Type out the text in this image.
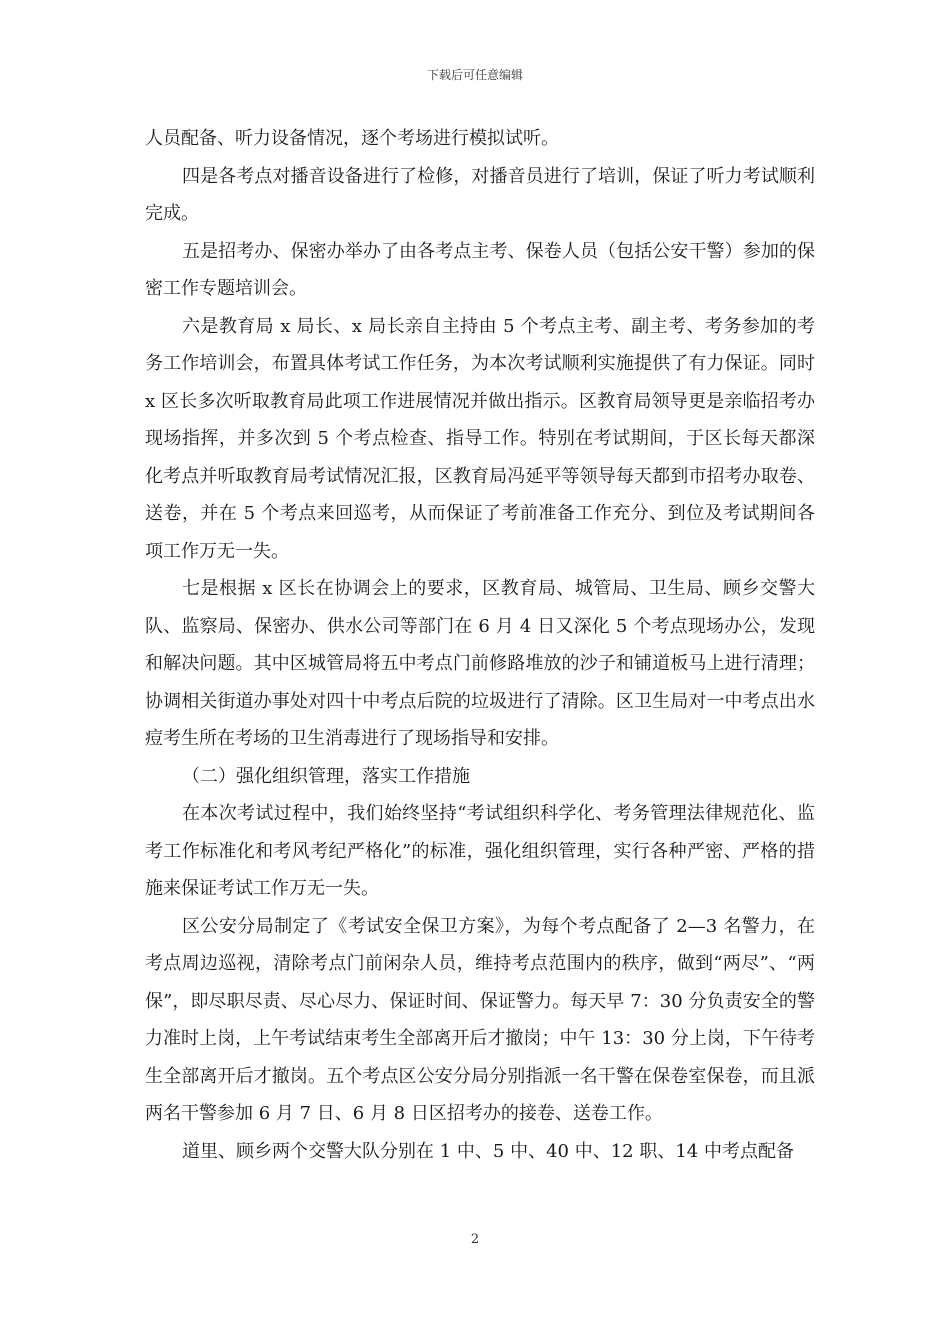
下载后可任意编辑

人员配备、听力设备情况，逐个考场进行模拟试听。

四是各考点对播音设备进行了检修，对播音员进行了培训，保证了听力考试顺利完成。

五是招考办、保密办举办了由各考点主考、保卷人员（包括公安干警）参加的保密工作专题培训会。

六是教育局 x 局长、x 局长亲自主持由 5 个考点主考、副主考、考务参加的考务工作培训会，布置具体考试工作任务，为本次考试顺利实施提供了有力保证。同时 x 区长多次听取教育局此项工作进展情况并做出指示。区教育局领导更是亲临招考办现场指挥，并多次到 5 个考点检查、指导工作。特别在考试期间，于区长每天都深化考点并听取教育局考试情况汇报，区教育局冯延平等领导每天都到市招考办取卷、送卷，并在 5 个考点来回巡考，从而保证了考前准备工作充分、到位及考试期间各项工作万无一失。

七是根据 x 区长在协调会上的要求，区教育局、城管局、卫生局、顾乡交警大队、监察局、保密办、供水公司等部门在 6 月 4 日又深化 5 个考点现场办公，发现和解决问题。其中区城管局将五中考点门前修路堆放的沙子和铺道板马上进行清理；协调相关街道办事处对四十中考点后院的垃圾进行了清除。区卫生局对一中考点出水痘考生所在考场的卫生消毒进行了现场指导和安排。

（二）强化组织管理，落实工作措施

在本次考试过程中，我们始终坚持“考试组织科学化、考务管理法律规范化、监考工作标准化和考风考纪严格化”的标准，强化组织管理，实行各种严密、严格的措施来保证考试工作万无一失。

区公安分局制定了《考试安全保卫方案》，为每个考点配备了 2—3 名警力，在考点周边巡视，清除考点门前闲杂人员，维持考点范围内的秩序，做到“两尽”、“两保”，即尽职尽责、尽心尽力、保证时间、保证警力。每天早 7：30 分负责安全的警力准时上岗，上午考试结束考生全部离开后才撤岗；中午 13：30 分上岗，下午待考生全部离开后才撤岗。五个考点区公安分局分别指派一名干警在保卷室保卷，而且派两名干警参加 6 月 7 日、6 月 8 日区招考办的接卷、送卷工作。

道里、顾乡两个交警大队分别在 1 中、5 中、40 中、12 职、14 中考点配备

2
